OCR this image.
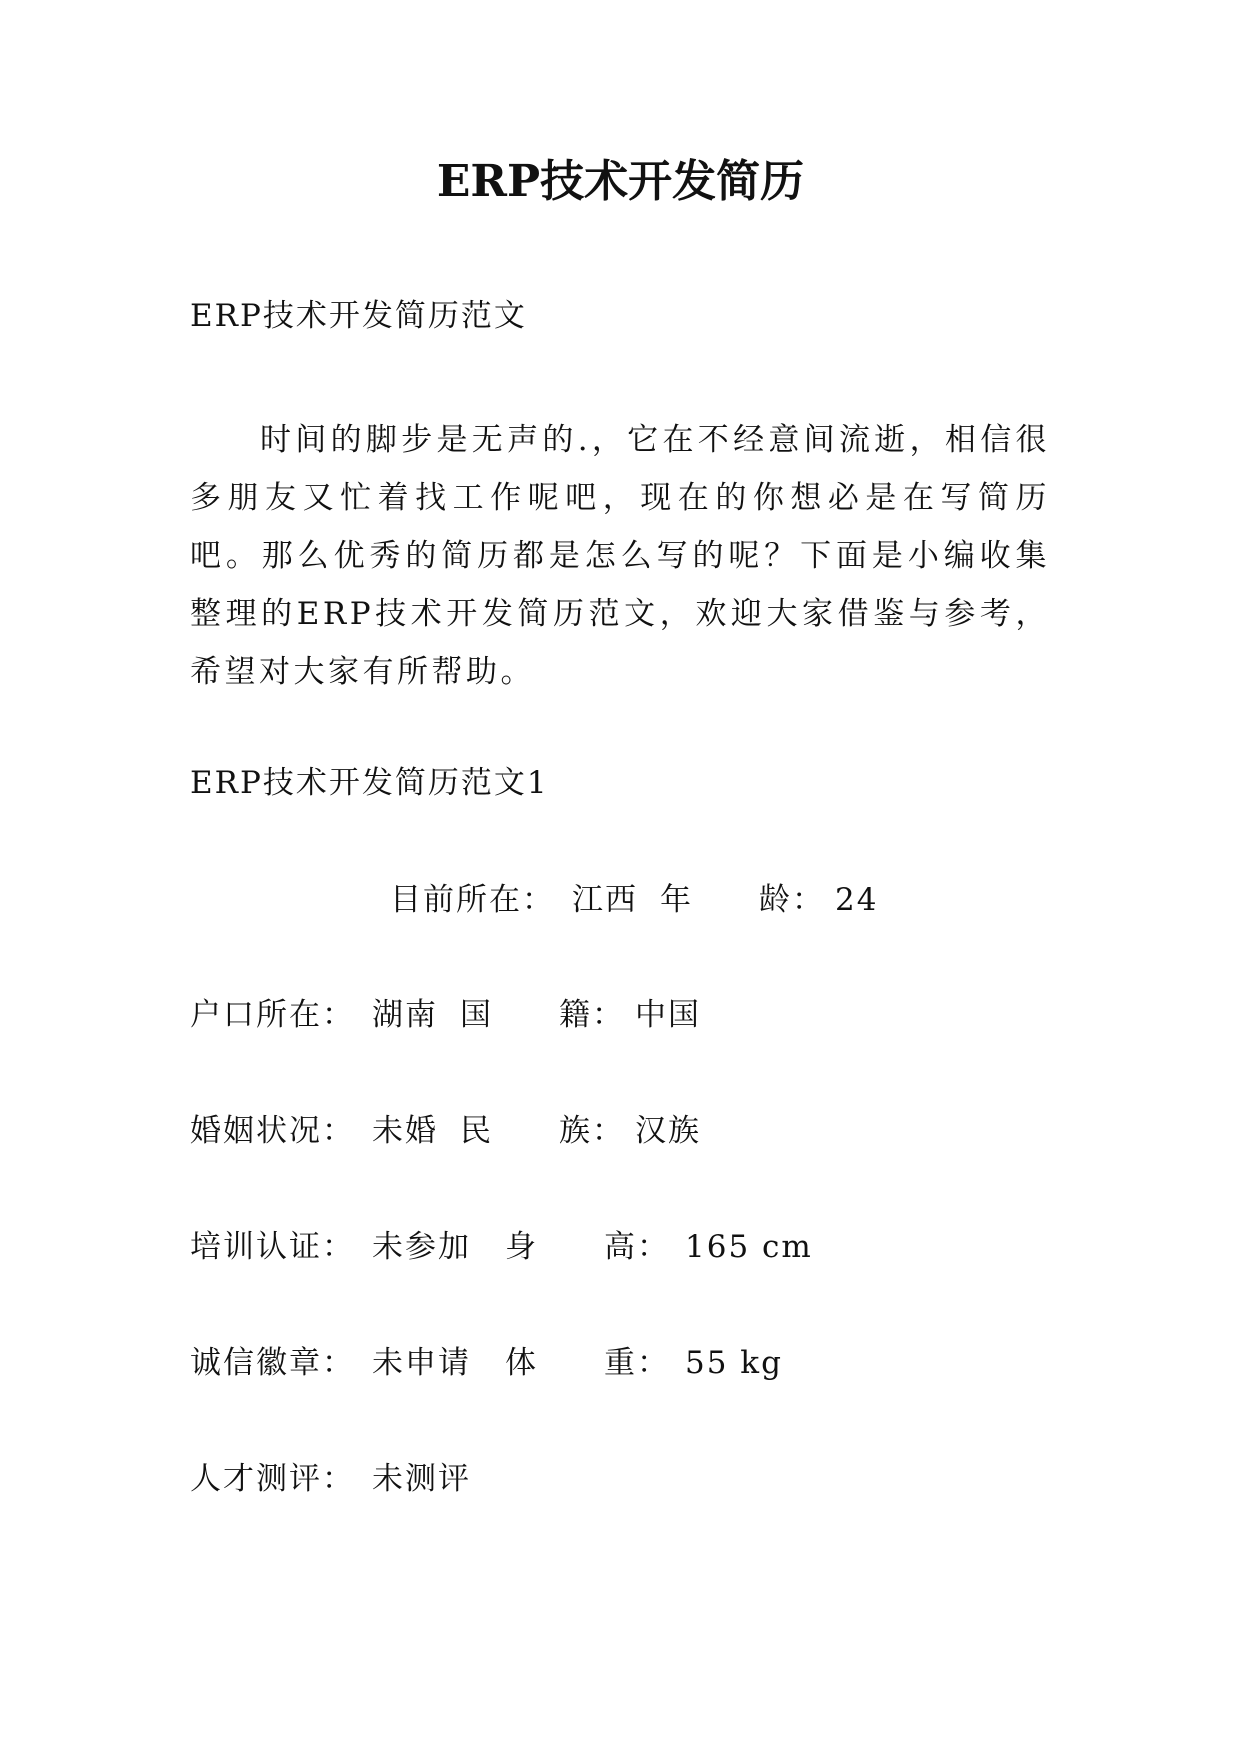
ERP技术开发简历
ERP技术开发简历范文
时间的脚步是无声的.，它在不经意间流逝，相信很多朋友又忙着找工作呢吧，现在的你想必是在写简历吧。那么优秀的简历都是怎么写的呢？下面是小编收集整理的ERP技术开发简历范文，欢迎大家借鉴与参考，希望对大家有所帮助。
ERP技术开发简历范文1
目前所在： 江西 年　　龄： 24
户口所在： 湖南 国　　籍： 中国
婚姻状况： 未婚 民　　族： 汉族
培训认证： 未参加 身　　高： 165 cm
诚信徽章： 未申请 体　　重： 55 kg
人才测评： 未测评
